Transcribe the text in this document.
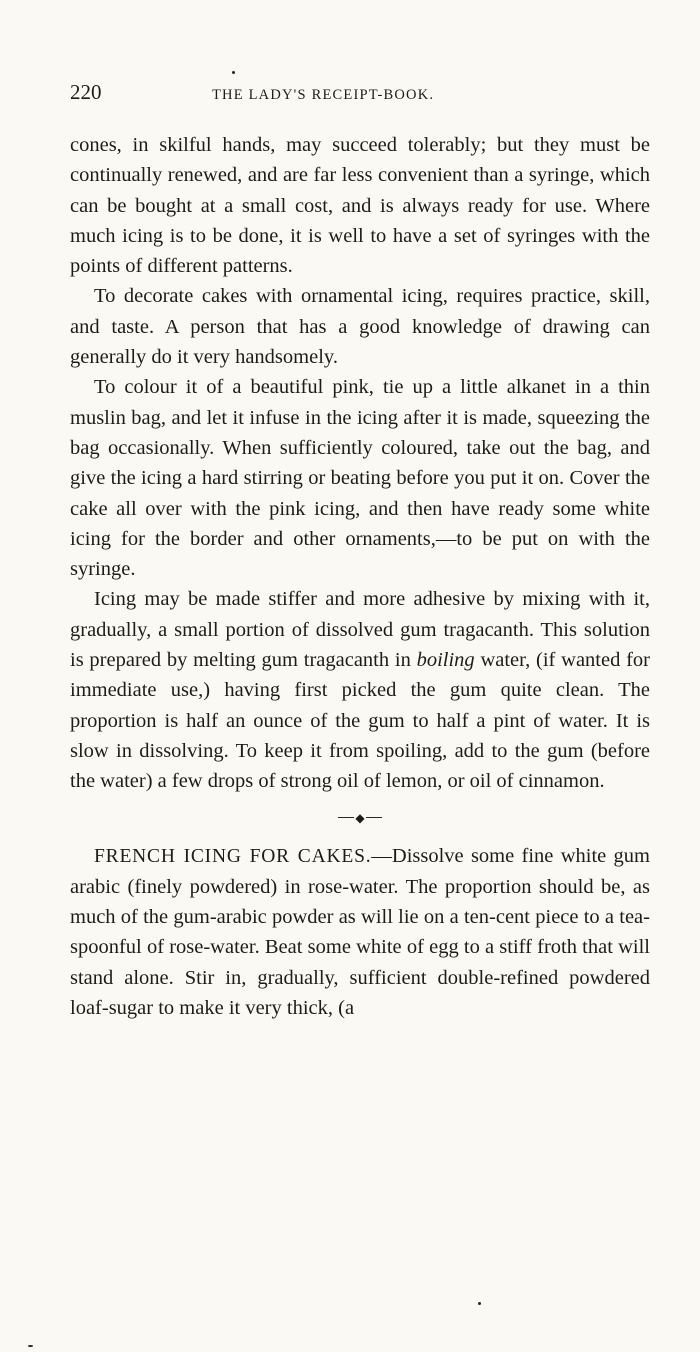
220	THE LADY'S RECEIPT-BOOK.

cones, in skilful hands, may succeed tolerably; but they must be continually renewed, and are far less convenient than a syringe, which can be bought at a small cost, and is always ready for use. Where much icing is to be done, it is well to have a set of syringes with the points of different patterns.

To decorate cakes with ornamental icing, requires practice, skill, and taste. A person that has a good knowledge of drawing can generally do it very handsomely.

To colour it of a beautiful pink, tie up a little alkanet in a thin muslin bag, and let it infuse in the icing after it is made, squeezing the bag occasionally. When sufficiently coloured, take out the bag, and give the icing a hard stirring or beating before you put it on. Cover the cake all over with the pink icing, and then have ready some white icing for the border and other ornaments,—to be put on with the syringe.

Icing may be made stiffer and more adhesive by mixing with it, gradually, a small portion of dissolved gum tragacanth. This solution is prepared by melting gum tragacanth in boiling water, (if wanted for immediate use,) having first picked the gum quite clean. The proportion is half an ounce of the gum to half a pint of water. It is slow in dissolving. To keep it from spoiling, add to the gum (before the water) a few drops of strong oil of lemon, or oil of cinnamon.

◆

FRENCH ICING FOR CAKES.—Dissolve some fine white gum arabic (finely powdered) in rose-water. The proportion should be, as much of the gum-arabic powder as will lie on a ten-cent piece to a tea-spoonful of rose-water. Beat some white of egg to a stiff froth that will stand alone. Stir in, gradually, sufficient double-refined powdered loaf-sugar to make it very thick, (a
